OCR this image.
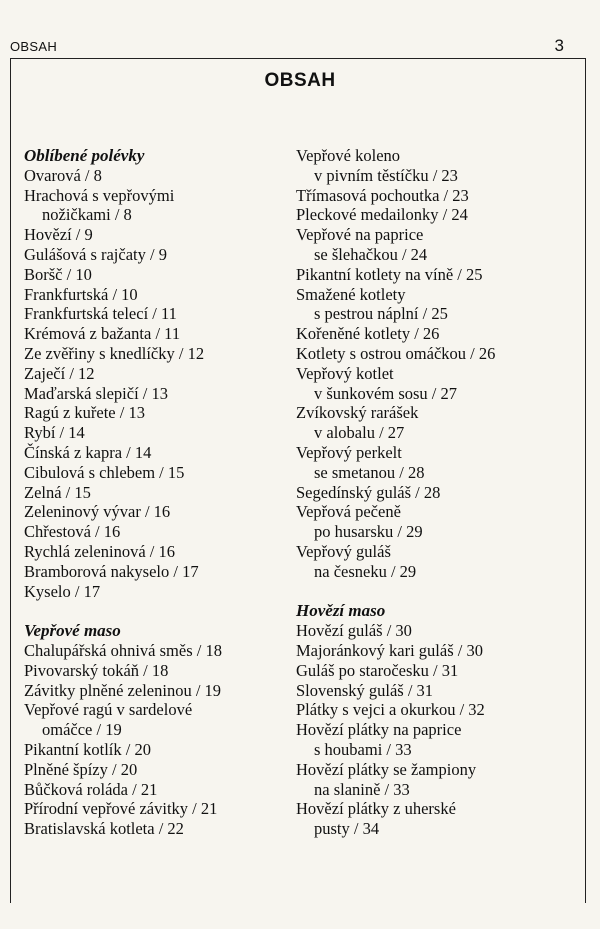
OBSAH	3
OBSAH
Oblíbené polévky
Ovarová / 8
Hrachová s vepřovými
nožičkami / 8
Hovězí / 9
Gulášová s rajčaty / 9
Boršč / 10
Frankfurtská / 10
Frankfurtská telecí / 11
Krémová z bažanta / 11
Ze zvěřiny s knedlíčky / 12
Zaječí / 12
Maďarská slepičí / 13
Ragú z kuřete / 13
Rybí / 14
Čínská z kapra / 14
Cibulová s chlebem / 15
Zelná / 15
Zeleninový vývar / 16
Chřestová / 16
Rychlá zeleninová / 16
Bramborová nakyselo / 17
Kyselo / 17
Vepřové maso
Chalupářská ohnivá směs / 18
Pivovarský tokáň / 18
Závitky plněné zeleninou / 19
Vepřové ragú v sardelové
omáčce / 19
Pikantní kotlík / 20
Plněné špízy / 20
Bůčková roláda / 21
Přírodní vepřové závitky / 21
Bratislavská kotleta / 22
Vepřové koleno
v pivním těstíčku / 23
Třímasová pochoutka / 23
Pleckové medailonky / 24
Vepřové na paprice
se šlehačkou / 24
Pikantní kotlety na víně / 25
Smažené kotlety
s pestrou náplní / 25
Kořeněné kotlety / 26
Kotlety s ostrou omáčkou / 26
Vepřový kotlet
v šunkovém sosu / 27
Zvíkovský rarášek
v alobalu / 27
Vepřový perkelt
se smetanou / 28
Segedínský guláš / 28
Vepřová pečeně
po husarsku / 29
Vepřový guláš
na česneku / 29
Hovězí maso
Hovězí guláš / 30
Majoránkový kari guláš / 30
Guláš po staročesku / 31
Slovenský guláš / 31
Plátky s vejci a okurkou / 32
Hovězí plátky na paprice
s houbami / 33
Hovězí plátky se žampiony
na slanině / 33
Hovězí plátky z uherské
pusty / 34
